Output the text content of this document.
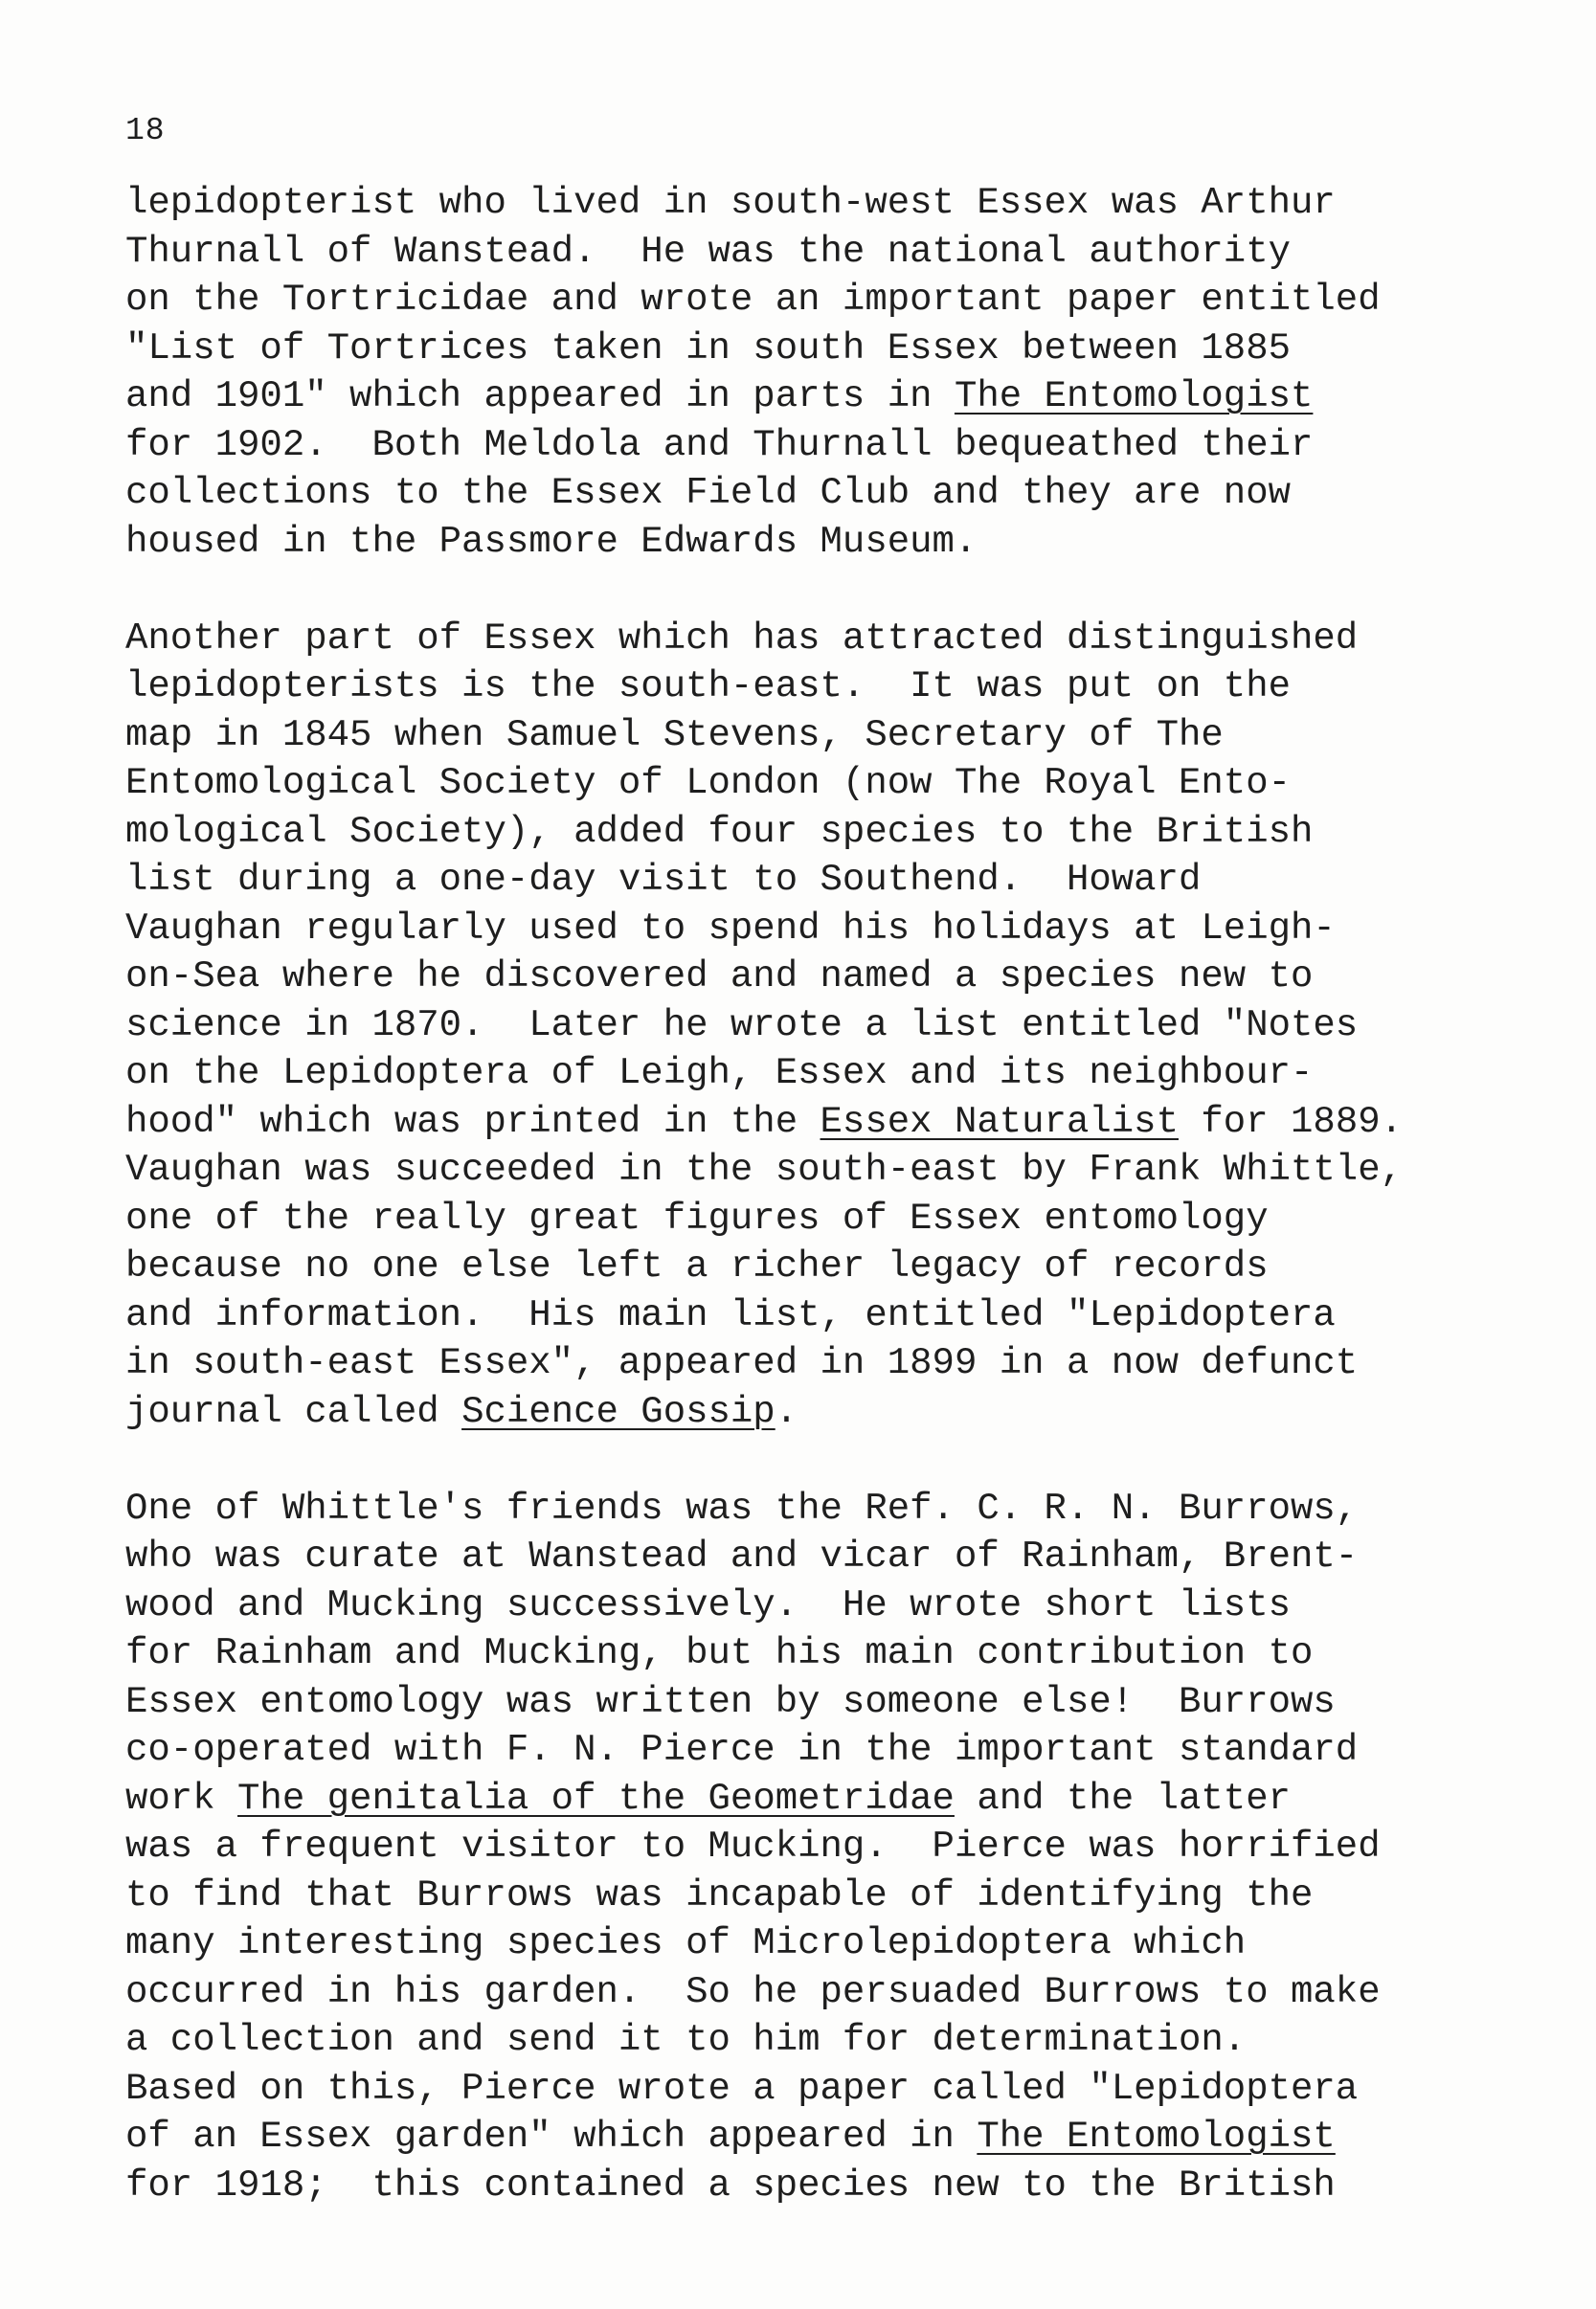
18

lepidopterist who lived in south-west Essex was Arthur
Thurnall of Wanstead.  He was the national authority
on the Tortricidae and wrote an important paper entitled
"List of Tortrices taken in south Essex between 1885
and 1901" which appeared in parts in The Entomologist
for 1902.  Both Meldola and Thurnall bequeathed their
collections to the Essex Field Club and they are now
housed in the Passmore Edwards Museum.
Another part of Essex which has attracted distinguished
lepidopterists is the south-east.  It was put on the
map in 1845 when Samuel Stevens, Secretary of The
Entomological Society of London (now The Royal Ento-
mological Society), added four species to the British
list during a one-day visit to Southend.  Howard
Vaughan regularly used to spend his holidays at Leigh-
on-Sea where he discovered and named a species new to
science in 1870.  Later he wrote a list entitled "Notes
on the Lepidoptera of Leigh, Essex and its neighbour-
hood" which was printed in the Essex Naturalist for 1889.
Vaughan was succeeded in the south-east by Frank Whittle,
one of the really great figures of Essex entomology
because no one else left a richer legacy of records
and information.  His main list, entitled "Lepidoptera
in south-east Essex", appeared in 1899 in a now defunct
journal called Science Gossip.
One of Whittle's friends was the Ref. C. R. N. Burrows,
who was curate at Wanstead and vicar of Rainham, Brent-
wood and Mucking successively.  He wrote short lists
for Rainham and Mucking, but his main contribution to
Essex entomology was written by someone else!  Burrows
co-operated with F. N. Pierce in the important standard
work The genitalia of the Geometridae and the latter
was a frequent visitor to Mucking.  Pierce was horrified
to find that Burrows was incapable of identifying the
many interesting species of Microlepidoptera which
occurred in his garden.  So he persuaded Burrows to make
a collection and send it to him for determination.
Based on this, Pierce wrote a paper called "Lepidoptera
of an Essex garden" which appeared in The Entomologist
for 1918;  this contained a species new to the British
